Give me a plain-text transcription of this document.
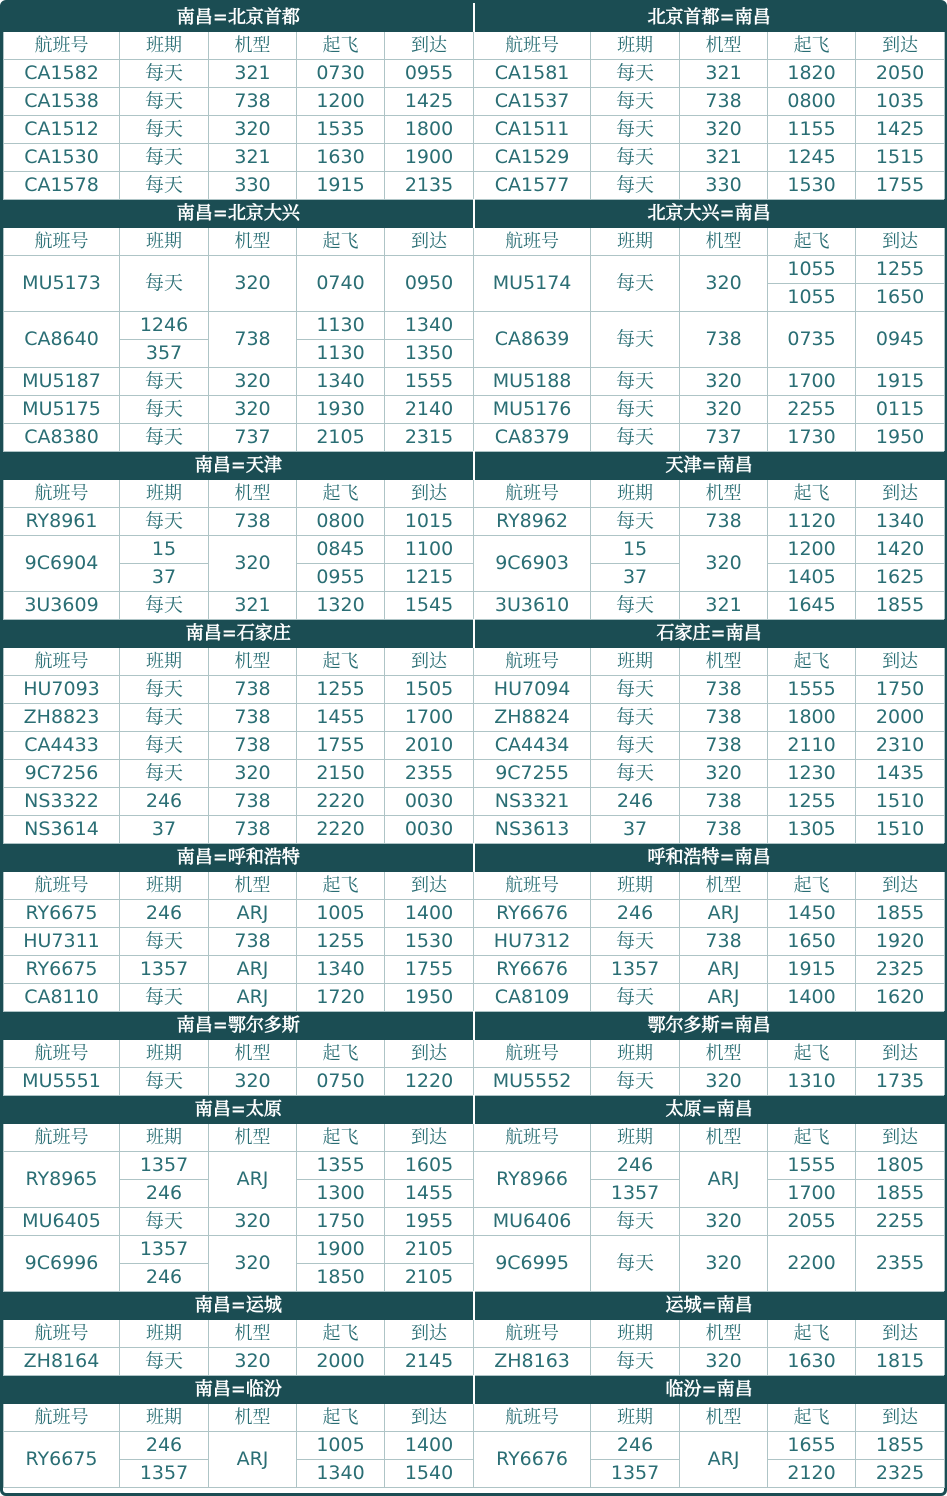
南昌=北京首都					北京首都=南昌				
航班号	班期	机型	起飞	到达	航班号	班期	机型	起飞	到达
CA1582	每天	321	0730	0955	CA1581	每天	321	1820	2050
CA1538	每天	738	1200	1425	CA1537	每天	738	0800	1035
CA1512	每天	320	1535	1800	CA1511	每天	320	1155	1425
CA1530	每天	321	1630	1900	CA1529	每天	321	1245	1515
CA1578	每天	330	1915	2135	CA1577	每天	330	1530	1755
南昌=北京大兴					北京大兴=南昌				
航班号	班期	机型	起飞	到达	航班号	班期	机型	起飞	到达
MU5173	每天	320	0740	0950	MU5174	每天	320	1055	1255
								1055	1650
CA8640	1246	738	1130	1340	CA8639	每天	738	0735	0945
	357		1130	1350					
MU5187	每天	320	1340	1555	MU5188	每天	320	1700	1915
MU5175	每天	320	1930	2140	MU5176	每天	320	2255	0115
CA8380	每天	737	2105	2315	CA8379	每天	737	1730	1950
南昌=天津					天津=南昌				
航班号	班期	机型	起飞	到达	航班号	班期	机型	起飞	到达
RY8961	每天	738	0800	1015	RY8962	每天	738	1120	1340
9C6904	15	320	0845	1100	9C6903	15	320	1200	1420
	37		0955	1215		37		1405	1625
3U3609	每天	321	1320	1545	3U3610	每天	321	1645	1855
南昌=石家庄					石家庄=南昌				
航班号	班期	机型	起飞	到达	航班号	班期	机型	起飞	到达
HU7093	每天	738	1255	1505	HU7094	每天	738	1555	1750
ZH8823	每天	738	1455	1700	ZH8824	每天	738	1800	2000
CA4433	每天	738	1755	2010	CA4434	每天	738	2110	2310
9C7256	每天	320	2150	2355	9C7255	每天	320	1230	1435
NS3322	246	738	2220	0030	NS3321	246	738	1255	1510
NS3614	37	738	2220	0030	NS3613	37	738	1305	1510
南昌=呼和浩特					呼和浩特=南昌				
航班号	班期	机型	起飞	到达	航班号	班期	机型	起飞	到达
RY6675	246	ARJ	1005	1400	RY6676	246	ARJ	1450	1855
HU7311	每天	738	1255	1530	HU7312	每天	738	1650	1920
RY6675	1357	ARJ	1340	1755	RY6676	1357	ARJ	1915	2325
CA8110	每天	ARJ	1720	1950	CA8109	每天	ARJ	1400	1620
南昌=鄂尔多斯					鄂尔多斯=南昌				
航班号	班期	机型	起飞	到达	航班号	班期	机型	起飞	到达
MU5551	每天	320	0750	1220	MU5552	每天	320	1310	1735
南昌=太原					太原=南昌				
航班号	班期	机型	起飞	到达	航班号	班期	机型	起飞	到达
RY8965	1357	ARJ	1355	1605	RY8966	246	ARJ	1555	1805
	246		1300	1455		1357		1700	1855
MU6405	每天	320	1750	1955	MU6406	每天	320	2055	2255
9C6996	1357	320	1900	2105	9C6995	每天	320	2200	2355
	246		1850	2105					
南昌=运城					运城=南昌				
航班号	班期	机型	起飞	到达	航班号	班期	机型	起飞	到达
ZH8164	每天	320	2000	2145	ZH8163	每天	320	1630	1815
南昌=临汾					临汾=南昌				
航班号	班期	机型	起飞	到达	航班号	班期	机型	起飞	到达
RY6675	246	ARJ	1005	1400	RY6676	246	ARJ	1655	1855
	1357		1340	1540		1357		2120	2325
